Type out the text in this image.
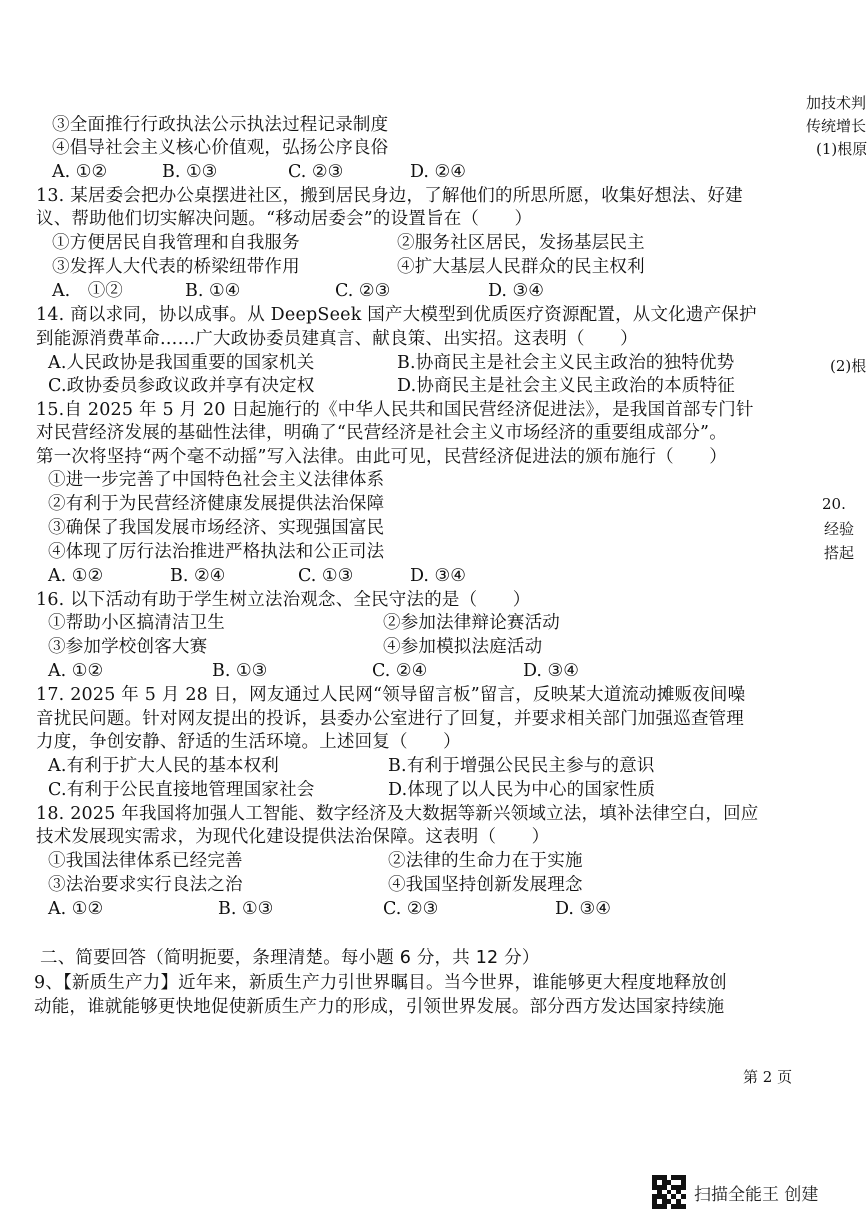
加技术判
传统增长
(1)根原
(2)根
20.
经验
搭起
③全面推行行政执法公示执法过程记录制度
④倡导社会主义核心价值观，弘扬公序良俗
A. ①②	B. ①③	C. ②③	D. ②④
13. 某居委会把办公桌摆进社区，搬到居民身边，了解他们的所思所愿，收集好想法、好建
议、帮助他们切实解决问题。“移动居委会”的设置旨在（　　）
①方便居民自我管理和自我服务	②服务社区居民，发扬基层民主
③发挥人大代表的桥梁纽带作用	④扩大基层人民群众的民主权利
A.　①②	B. ①④	C. ②③	D. ③④
14. 商以求同，协以成事。从 DeepSeek 国产大模型到优质医疗资源配置，从文化遗产保护
到能源消费革命……广大政协委员建真言、献良策、出实招。这表明（　　）
A.人民政协是我国重要的国家机关	B.协商民主是社会主义民主政治的独特优势
C.政协委员参政议政并享有决定权	D.协商民主是社会主义民主政治的本质特征
15.自 2025 年 5 月 20 日起施行的《中华人民共和国民营经济促进法》，是我国首部专门针
对民营经济发展的基础性法律，明确了“民营经济是社会主义市场经济的重要组成部分”。
第一次将坚持“两个毫不动摇”写入法律。由此可见，民营经济促进法的颁布施行（　　）
①进一步完善了中国特色社会主义法律体系
②有利于为民营经济健康发展提供法治保障
③确保了我国发展市场经济、实现强国富民
④体现了厉行法治推进严格执法和公正司法
A. ①②	B. ②④	C. ①③	D. ③④
16. 以下活动有助于学生树立法治观念、全民守法的是（　　）
①帮助小区搞清洁卫生	②参加法律辩论赛活动
③参加学校创客大赛	④参加模拟法庭活动
A. ①②	B. ①③	C. ②④	D. ③④
17. 2025 年 5 月 28 日，网友通过人民网“领导留言板”留言，反映某大道流动摊贩夜间噪
音扰民问题。针对网友提出的投诉，县委办公室进行了回复，并要求相关部门加强巡查管理
力度，争创安静、舒适的生活环境。上述回复（　　）
A.有利于扩大人民的基本权利	B.有利于增强公民民主参与的意识
C.有利于公民直接地管理国家社会	D.体现了以人民为中心的国家性质
18. 2025 年我国将加强人工智能、数字经济及大数据等新兴领域立法，填补法律空白，回应
技术发展现实需求，为现代化建设提供法治保障。这表明（　　）
①我国法律体系已经完善	②法律的生命力在于实施
③法治要求实行良法之治	④我国坚持创新发展理念
A. ①②	B. ①③	C. ②③	D. ③④
二、简要回答（简明扼要，条理清楚。每小题 6 分，共 12 分）
9、【新质生产力】近年来，新质生产力引世界瞩目。当今世界，谁能够更大程度地释放创
动能，谁就能够更快地促使新质生产力的形成，引领世界发展。部分西方发达国家持续施
第 2 页
扫描全能王 创建
